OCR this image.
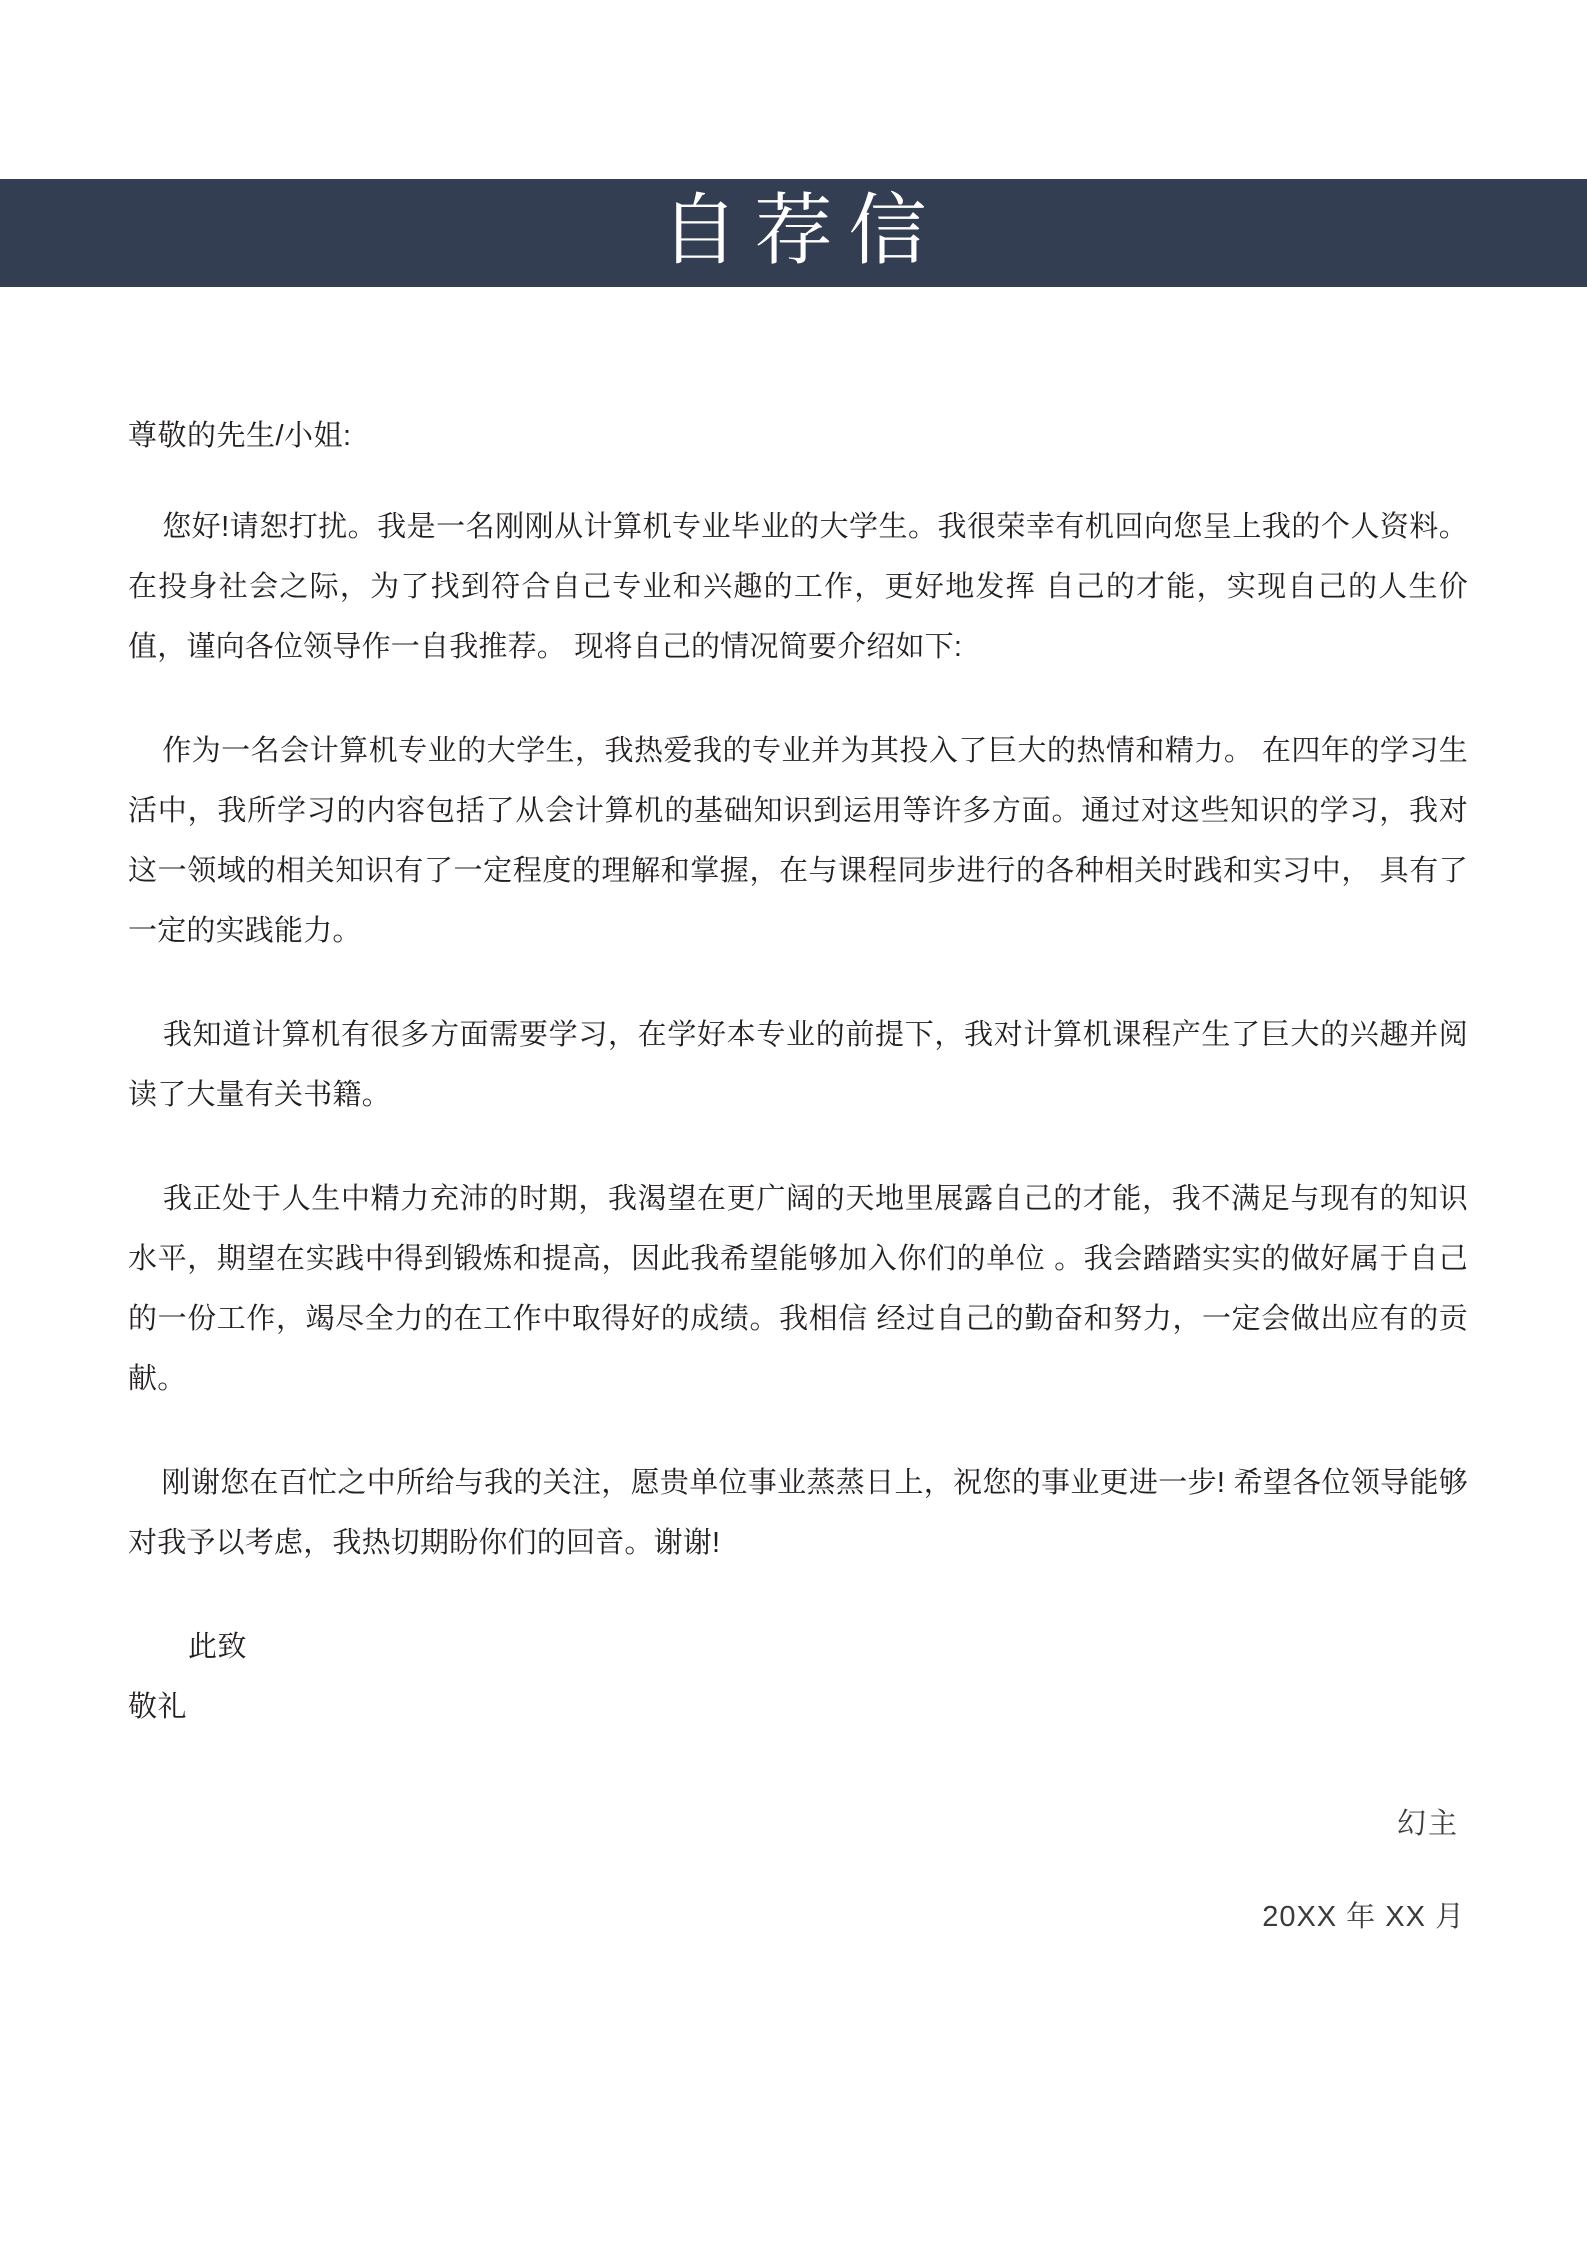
自荐信

尊敬的先生/小姐:

您好!请恕打扰。我是一名刚刚从计算机专业毕业的大学生。我很荣幸有机回向您呈上我的个人资料。在投身社会之际，为了找到符合自己专业和兴趣的工作，更好地发挥 自己的才能，实现自己的人生价值，谨向各位领导作一自我推荐。 现将自己的情况简要介绍如下:

作为一名会计算机专业的大学生，我热爱我的专业并为其投入了巨大的热情和精力。 在四年的学习生活中，我所学习的内容包括了从会计算机的基础知识到运用等许多方面。通过对这些知识的学习，我对这一领域的相关知识有了一定程度的理解和掌握，在与课程同步进行的各种相关时践和实习中， 具有了一定的实践能力。

我知道计算机有很多方面需要学习，在学好本专业的前提下，我对计算机课程产生了巨大的兴趣并阅读了大量有关书籍。

我正处于人生中精力充沛的时期，我渴望在更广阔的天地里展露自己的才能，我不满足与现有的知识水平，期望在实践中得到锻炼和提高，因此我希望能够加入你们的单位 。我会踏踏实实的做好属于自己的一份工作，竭尽全力的在工作中取得好的成绩。我相信 经过自己的勤奋和努力，一定会做出应有的贡献。

刚谢您在百忙之中所给与我的关注，愿贵单位事业蒸蒸日上，祝您的事业更进一步! 希望各位领导能够对我予以考虑，我热切期盼你们的回音。谢谢!

此致

敬礼

幻主

20XX 年 XX 月
